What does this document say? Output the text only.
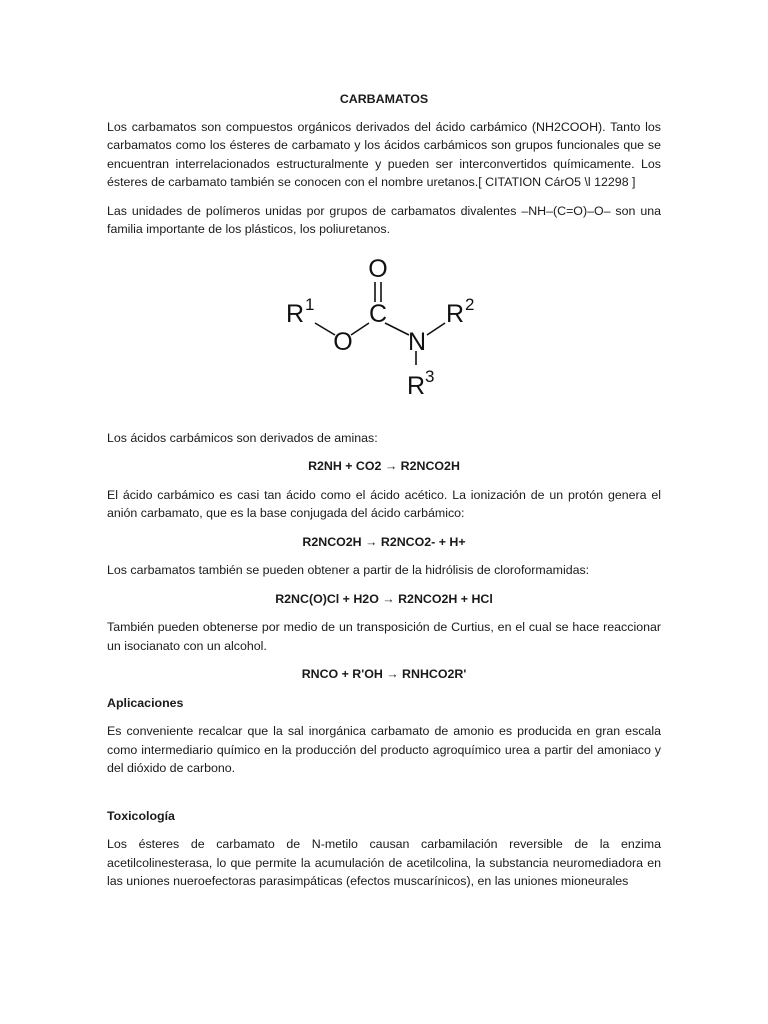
CARBAMATOS

Los carbamatos son compuestos orgánicos derivados del ácido carbámico (NH2COOH). Tanto los carbamatos como los ésteres de carbamato y los ácidos carbámicos son grupos funcionales que se encuentran interrelacionados estructuralmente y pueden ser interconvertidos químicamente. Los ésteres de carbamato también se conocen con el nombre uretanos.[ CITATION CárO5 \l 12298 ]

Las unidades de polímeros unidas por grupos de carbamatos divalentes –NH–(C=O)–O– son una familia importante de los plásticos, los poliuretanos.

O
C
O N
R 1	R 2
R 3

Los ácidos carbámicos son derivados de aminas:

R2NH + CO2 → R2NCO2H

El ácido carbámico es casi tan ácido como el ácido acético. La ionización de un protón genera el anión carbamato, que es la base conjugada del ácido carbámico:

R2NCO2H → R2NCO2- + H+

Los carbamatos también se pueden obtener a partir de la hidrólisis de cloroformamidas:

R2NC(O)Cl + H2O → R2NCO2H + HCl

También pueden obtenerse por medio de un transposición de Curtius, en el cual se hace reaccionar un isocianato con un alcohol.

RNCO + R'OH → RNHCO2R'
Aplicaciones

Es conveniente recalcar que la sal inorgánica carbamato de amonio es producida en gran escala como intermediario químico en la producción del producto agroquímico urea a partir del amoniaco y del dióxido de carbono.

Toxicología

Los ésteres de carbamato de N-metilo causan carbamilación reversible de la enzima acetilcolinesterasa, lo que permite la acumulación de acetilcolina, la substancia neuromediadora en las uniones nueroefectoras parasimpáticas (efectos muscarínicos), en las uniones mioneurales
